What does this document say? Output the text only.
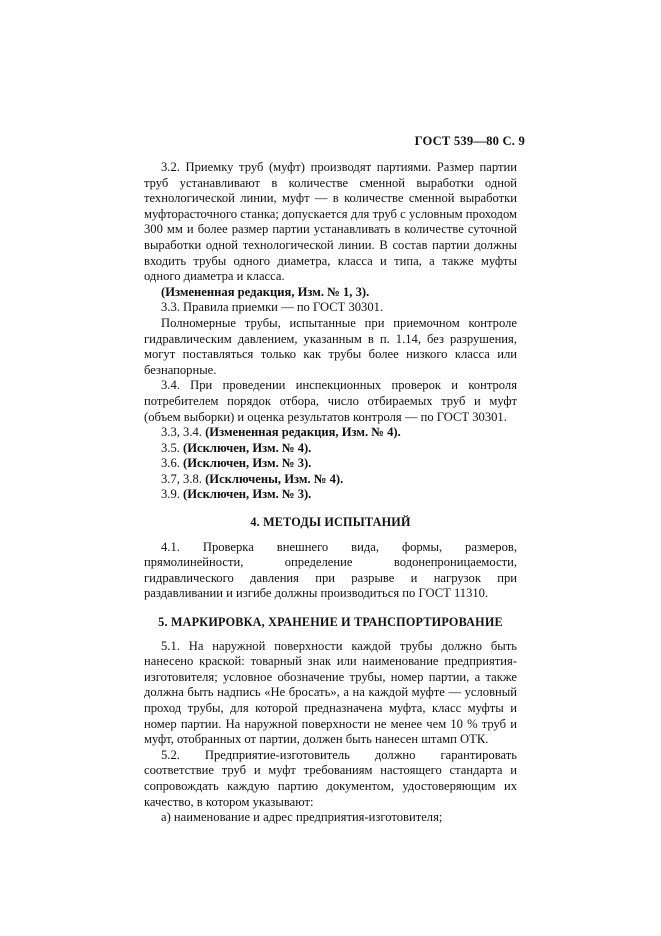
ГОСТ 539—80 С. 9

3.2. Приемку труб (муфт) производят партиями. Размер партии труб устанавливают в количестве сменной выработки одной технологической линии, муфт — в количестве сменной выработки муфторасточного станка; допускается для труб с условным проходом 300 мм и более размер партии устанавливать в количестве суточной выработки одной технологической линии. В состав партии должны входить трубы одного диаметра, класса и типа, а также муфты одного диаметра и класса.

(Измененная редакция, Изм. № 1, 3).

3.3. Правила приемки — по ГОСТ 30301.

Полномерные трубы, испытанные при приемочном контроле гидравлическим давлением, указанным в п. 1.14, без разрушения, могут поставляться только как трубы более низкого класса или безнапорные.

3.4. При проведении инспекционных проверок и контроля потребителем порядок отбора, число отбираемых труб и муфт (объем выборки) и оценка результатов контроля — по ГОСТ 30301.

3.3, 3.4. (Измененная редакция, Изм. № 4).

3.5. (Исключен, Изм. № 4).

3.6. (Исключен, Изм. № 3).

3.7, 3.8. (Исключены, Изм. № 4).

3.9. (Исключен, Изм. № 3).

4. МЕТОДЫ ИСПЫТАНИЙ

4.1. Проверка внешнего вида, формы, размеров, прямолинейности, определение водонепроницаемости, гидравлического давления при разрыве и нагрузок при раздавливании и изгибе должны производиться по ГОСТ 11310.

5. МАРКИРОВКА, ХРАНЕНИЕ И ТРАНСПОРТИРОВАНИЕ

5.1. На наружной поверхности каждой трубы должно быть нанесено краской: товарный знак или наименование предприятия-изготовителя; условное обозначение трубы, номер партии, а также должна быть надпись «Не бросать», а на каждой муфте — условный проход трубы, для которой предназначена муфта, класс муфты и номер партии. На наружной поверхности не менее чем 10 % труб и муфт, отобранных от партии, должен быть нанесен штамп ОТК.

5.2. Предприятие-изготовитель должно гарантировать соответствие труб и муфт требованиям настоящего стандарта и сопровождать каждую партию документом, удостоверяющим их качество, в котором указывают:

а) наименование и адрес предприятия-изготовителя;
